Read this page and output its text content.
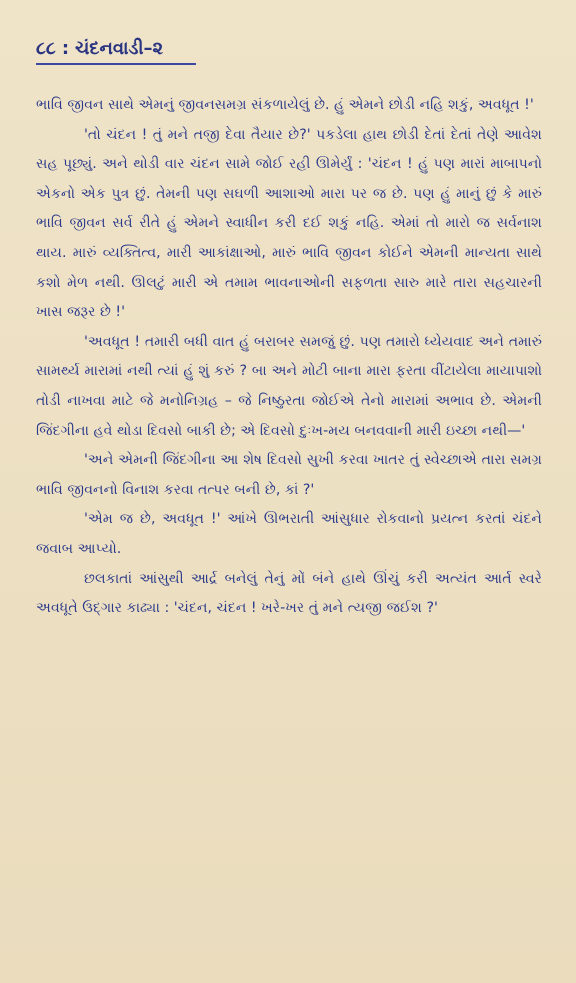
૮૮ : ચંદનવાડી–૨

ભાવિ જીવન સાથે એમનું જીવનસમગ્ર સંકળાયેલું છે. હું એમને છોડી નહિ શકું, અવધૂત !'

'તો ચંદન ! તું મને તજી દેવા તૈયાર છે?' પકડેલા હાથ છોડી દેતાં દેતાં તેણે આવેશ સહ પૂછ્યું. અને થોડી વાર ચંદન સામે જોઈ રહી ઊમેર્યું : 'ચંદન ! હું પણ મારાં માબાપનો એકનો એક પુત્ર છું. તેમની પણ સઘળી આશાઓ મારા પર જ છે. પણ હું માનું છું કે મારું ભાવિ જીવન સર્વ રીતે હું એમને સ્વાધીન કરી દઈ શકું નહિ. એમાં તો મારો જ સર્વનાશ થાય. મારું વ્યક્તિત્વ, મારી આકાંક્ષાઓ, મારું ભાવિ જીવન કોઈને એમની માન્યતા સાથે કશો મેળ નથી. ઊલટું મારી એ તમામ ભાવનાઓની સફળતા સારુ મારે તારા સહચારની ખાસ જરૂર છે !'

'અવધૂત ! તમારી બધી વાત હું બરાબર સમજું છું. પણ તમારો ધ્યેયવાદ અને તમારું સામર્થ્ય મારામાં નથી ત્યાં હું શું કરું ? બા અને મોટી બાના મારા ફરતા વીંટાયેલા માયાપાશો તોડી નાખવા માટે જે મનોનિગ્રહ – જે નિષ્ઠુરતા જોઈએ તેનો મારામાં અભાવ છે. એમની જિંદગીના હવે થોડા દિવસો બાકી છે; એ દિવસો દુઃખ-મય બનવવાની મારી ઇચ્છા નથી—'

'અને એમની જિંદગીના આ શેષ દિવસો સુખી કરવા ખાતર તું સ્વેચ્છાએ તારા સમગ્ર ભાવિ જીવનનો વિનાશ કરવા તત્પર બની છે, કાં ?'

'એમ જ છે, અવધૂત !' આંખે ઊભરાતી આંસુધાર રોકવાનો પ્રયત્ન કરતાં ચંદને જવાબ આપ્યો.

છલકાતાં આંસુથી આર્દ્ર બનેલું તેનું મોં બંને હાથે ઊંચું કરી અત્યંત આર્ત સ્વરે અવધૂતે ઉદ્ગાર કાઢ્યા : 'ચંદન, ચંદન ! ખરે-ખર તું મને ત્યજી જઈશ ?'
